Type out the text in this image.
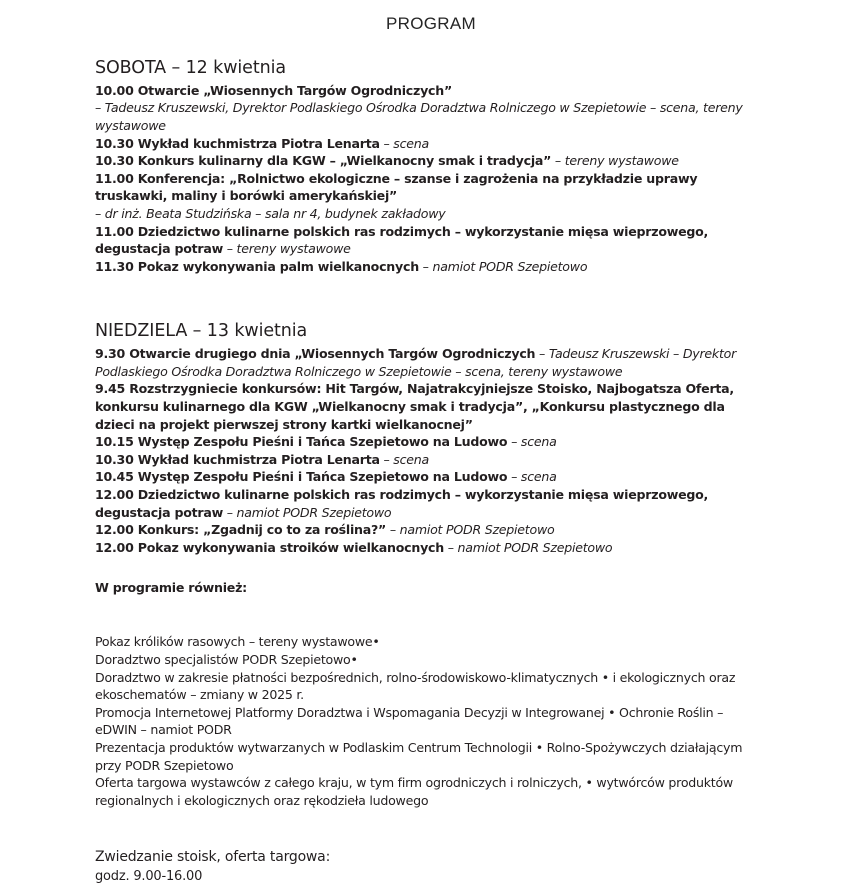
PROGRAM
SOBOTA – 12 kwietnia

10.00 Otwarcie „Wiosennych Targów Ogrodniczych”

– Tadeusz Kruszewski, Dyrektor Podlaskiego Ośrodka Doradztwa Rolniczego w Szepietowie – scena, tereny wystawowe

10.30 Wykład kuchmistrza Piotra Lenarta – scena

10.30 Konkurs kulinarny dla KGW – „Wielkanocny smak i tradycja” – tereny wystawowe

11.00 Konferencja: „Rolnictwo ekologiczne – szanse i zagrożenia na przykładzie uprawy truskawki, maliny i borówki amerykańskiej”

– dr inż. Beata Studzińska – sala nr 4, budynek zakładowy

11.00 Dziedzictwo kulinarne polskich ras rodzimych – wykorzystanie mięsa wieprzowego, degustacja potraw – tereny wystawowe

11.30 Pokaz wykonywania palm wielkanocnych – namiot PODR Szepietowo

NIEDZIELA – 13 kwietnia

9.30 Otwarcie drugiego dnia „Wiosennych Targów Ogrodniczych – Tadeusz Kruszewski – Dyrektor Podlaskiego Ośrodka Doradztwa Rolniczego w Szepietowie – scena, tereny wystawowe

9.45 Rozstrzygniecie konkursów: Hit Targów, Najatrakcyjniejsze Stoisko, Najbogatsza Oferta, konkursu kulinarnego dla KGW „Wielkanocny smak i tradycja”, „Konkursu plastycznego dla dzieci na projekt pierwszej strony kartki wielkanocnej”

10.15 Występ Zespołu Pieśni i Tańca Szepietowo na Ludowo – scena

10.30 Wykład kuchmistrza Piotra Lenarta – scena

10.45 Występ Zespołu Pieśni i Tańca Szepietowo na Ludowo – scena

12.00 Dziedzictwo kulinarne polskich ras rodzimych – wykorzystanie mięsa wieprzowego, degustacja potraw – namiot PODR Szepietowo

12.00 Konkurs: „Zgadnij co to za roślina?” – namiot PODR Szepietowo

12.00 Pokaz wykonywania stroików wielkanocnych – namiot PODR Szepietowo

W programie również:

Pokaz królików rasowych – tereny wystawowe•

Doradztwo specjalistów PODR Szepietowo•

Doradztwo w zakresie płatności bezpośrednich, rolno-środowiskowo-klimatycznych • i ekologicznych oraz ekoschematów – zmiany w 2025 r.

Promocja Internetowej Platformy Doradztwa i Wspomagania Decyzji w Integrowanej • Ochronie Roślin – eDWIN – namiot PODR

Prezentacja produktów wytwarzanych w Podlaskim Centrum Technologii • Rolno-Spożywczych działającym przy PODR Szepietowo

Oferta targowa wystawców z całego kraju, w tym firm ogrodniczych i rolniczych, • wytwórców produktów regionalnych i ekologicznych oraz rękodzieła ludowego

Zwiedzanie stoisk, oferta targowa:

godz. 9.00-16.00
